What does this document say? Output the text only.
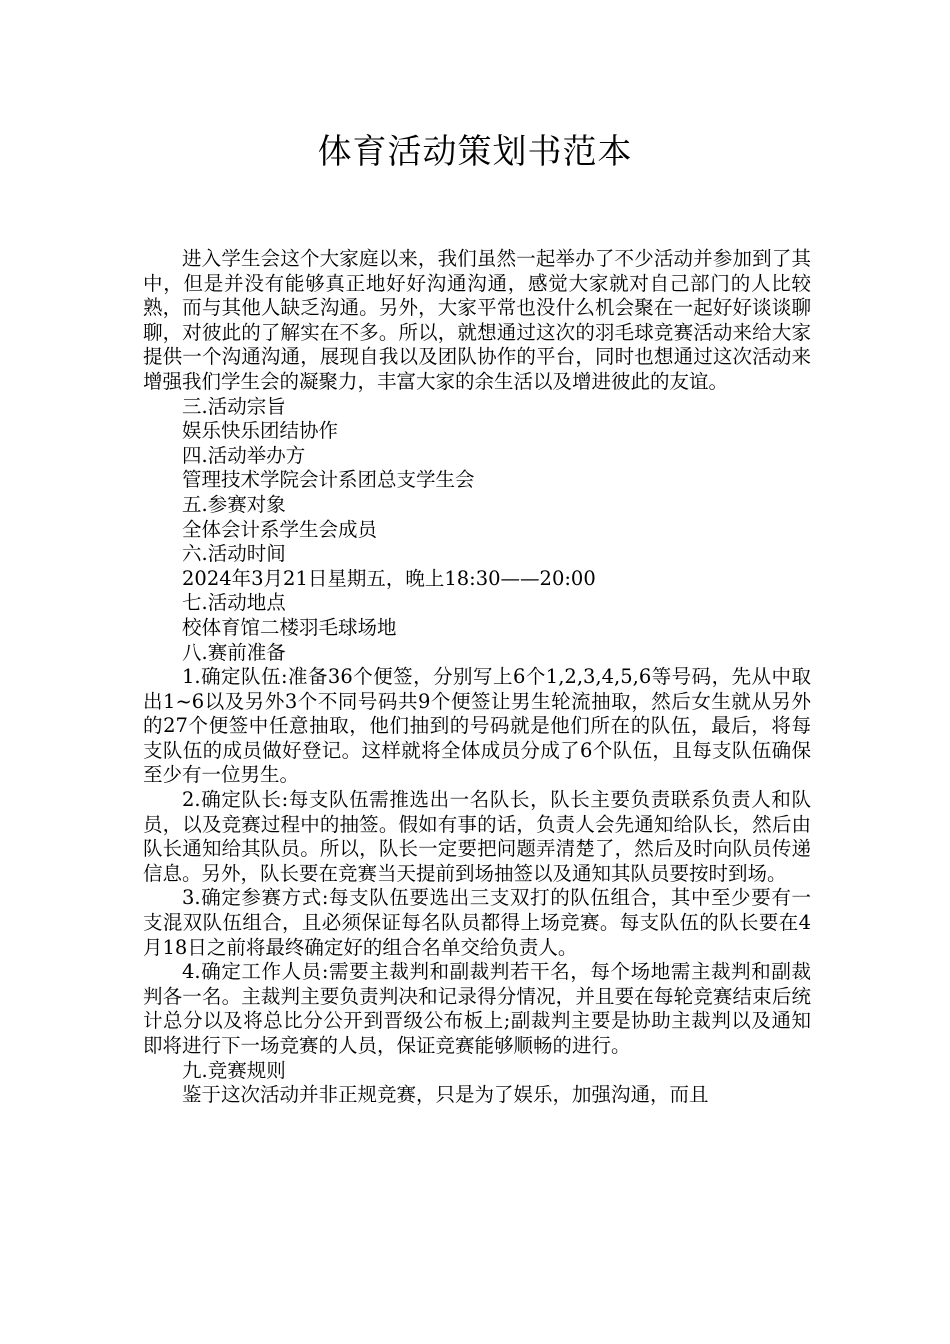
体育活动策划书范本

进入学生会这个大家庭以来，我们虽然一起举办了不少活动并参加到了其中，但是并没有能够真正地好好沟通沟通，感觉大家就对自己部门的人比较熟，而与其他人缺乏沟通。另外，大家平常也没什么机会聚在一起好好谈谈聊聊，对彼此的了解实在不多。所以，就想通过这次的羽毛球竞赛活动来给大家提供一个沟通沟通，展现自我以及团队协作的平台，同时也想通过这次活动来增强我们学生会的凝聚力，丰富大家的余生活以及增进彼此的友谊。

三.活动宗旨

娱乐快乐团结协作

四.活动举办方

管理技术学院会计系团总支学生会

五.参赛对象

全体会计系学生会成员

六.活动时间

2024年3月21日星期五，晚上18:30——20:00

七.活动地点

校体育馆二楼羽毛球场地

八.赛前准备

1.确定队伍:准备36个便签，分别写上6个1,2,3,4,5,6等号码，先从中取出1~6以及另外3个不同号码共9个便签让男生轮流抽取，然后女生就从另外的27个便签中任意抽取，他们抽到的号码就是他们所在的队伍，最后，将每支队伍的成员做好登记。这样就将全体成员分成了6个队伍，且每支队伍确保至少有一位男生。

2.确定队长:每支队伍需推选出一名队长，队长主要负责联系负责人和队员，以及竞赛过程中的抽签。假如有事的话，负责人会先通知给队长，然后由队长通知给其队员。所以，队长一定要把问题弄清楚了，然后及时向队员传递信息。另外，队长要在竞赛当天提前到场抽签以及通知其队员要按时到场。

3.确定参赛方式:每支队伍要选出三支双打的队伍组合，其中至少要有一支混双队伍组合，且必须保证每名队员都得上场竞赛。每支队伍的队长要在4月18日之前将最终确定好的组合名单交给负责人。

4.确定工作人员:需要主裁判和副裁判若干名，每个场地需主裁判和副裁判各一名。主裁判主要负责判决和记录得分情况，并且要在每轮竞赛结束后统计总分以及将总比分公开到晋级公布板上;副裁判主要是协助主裁判以及通知即将进行下一场竞赛的人员，保证竞赛能够顺畅的进行。

九.竞赛规则

鉴于这次活动并非正规竞赛，只是为了娱乐，加强沟通，而且
